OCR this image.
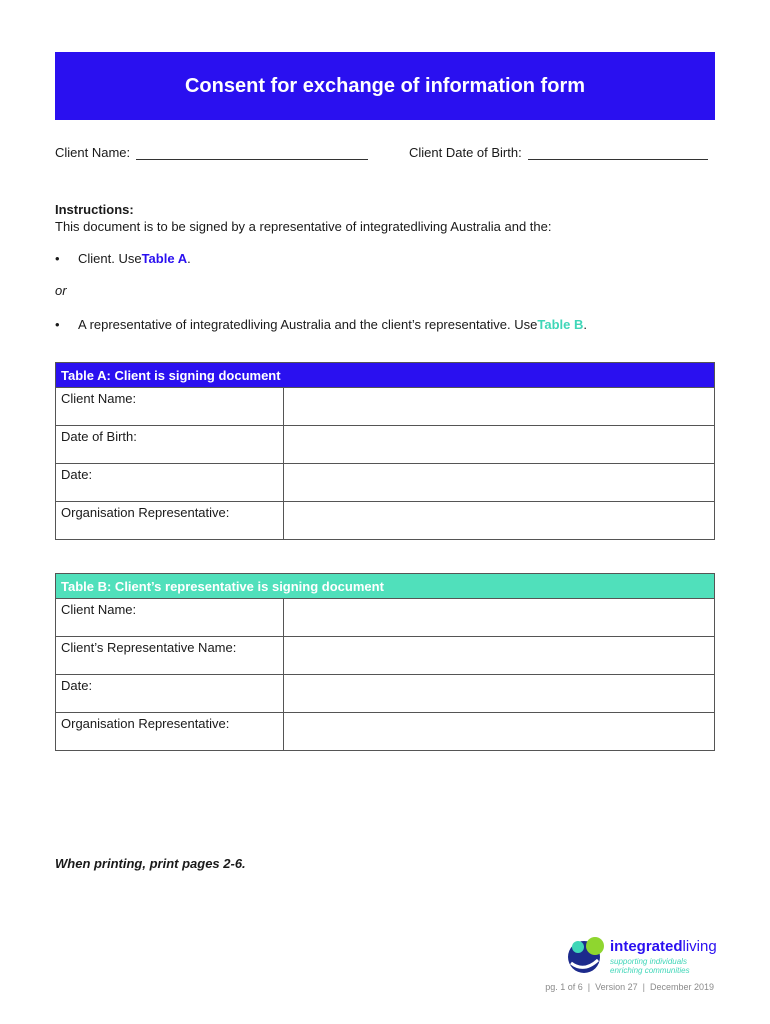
Consent for exchange of information form
Client Name:	Client Date of Birth:
Instructions:
This document is to be signed by a representative of integratedliving Australia and the:
•	Client. Use Table A .
or
•	A representative of integratedliving Australia and the client’s representative. Use Table B .
Table A: Client is signing document	
Client Name:	
Date of Birth:	
Date:	
Organisation Representative:	
Table B: Client’s representative is signing document	
Client Name:	
Client’s Representative Name:	
Date:	
Organisation Representative:	
When printing, print pages 2-6.
integratedliving
supporting individuals
enriching communities
pg. 1 of 6  |  Version 27  |  December 2019
